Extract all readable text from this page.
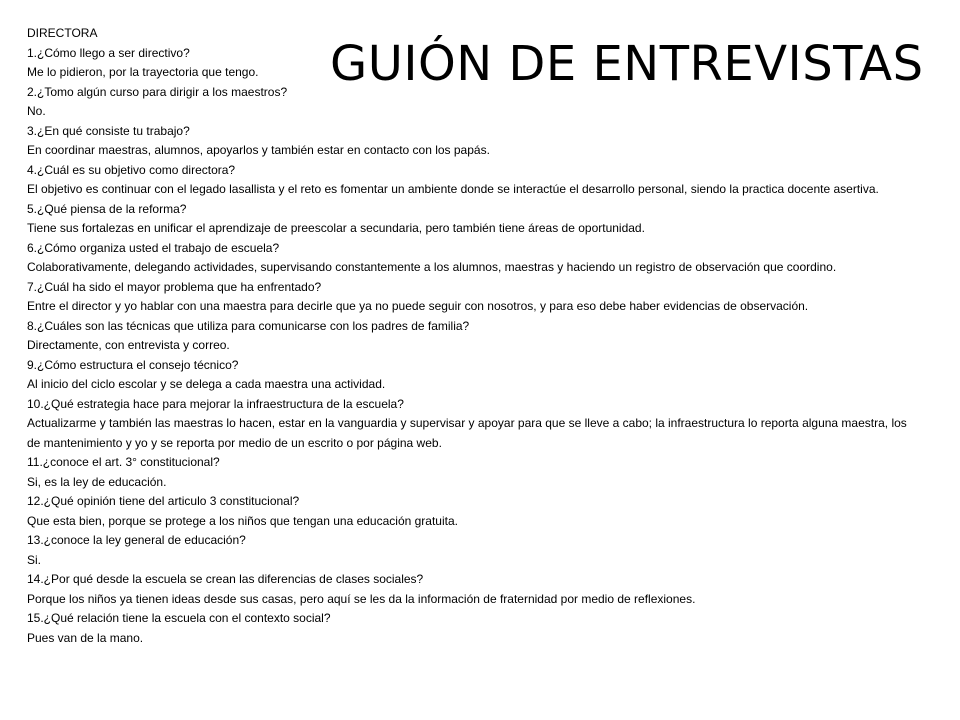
GUIÓN DE ENTREVISTAS
DIRECTORA
1.¿Cómo llego a ser directivo?
Me lo pidieron, por la trayectoria que tengo.
2.¿Tomo algún curso para dirigir a los maestros?
No.
3.¿En qué consiste tu trabajo?
En coordinar maestras, alumnos, apoyarlos y también estar en contacto con los papás.
4.¿Cuál es su objetivo como directora?
El objetivo es continuar con el legado lasallista y el reto es fomentar un ambiente donde se interactúe el desarrollo personal, siendo la practica docente asertiva.
5.¿Qué piensa de la reforma?
Tiene sus fortalezas en unificar el aprendizaje de preescolar a secundaria, pero también tiene áreas de oportunidad.
6.¿Cómo organiza usted el trabajo de escuela?
Colaborativamente, delegando actividades, supervisando constantemente a los alumnos, maestras y haciendo un registro de observación que coordino.
7.¿Cuál ha sido el mayor problema que ha enfrentado?
Entre el director y yo hablar con una maestra para decirle que ya no puede seguir con nosotros, y para eso debe haber evidencias de observación.
8.¿Cuáles son las técnicas que utiliza para comunicarse con los padres de familia?
Directamente, con entrevista y correo.
9.¿Cómo estructura el consejo técnico?
Al inicio del ciclo escolar y se delega a cada maestra una actividad.
10.¿Qué estrategia hace para mejorar la infraestructura de la escuela?
Actualizarme y también las maestras lo hacen, estar en la vanguardia y supervisar y apoyar para que se lleve a cabo; la infraestructura lo reporta alguna maestra, los de mantenimiento y yo y se reporta por medio de un escrito o por página web.
11.¿conoce el art. 3° constitucional?
Si, es la ley de educación.
12.¿Qué opinión tiene del articulo 3 constitucional?
Que esta bien, porque se protege a los niños que tengan una educación gratuita.
13.¿conoce la ley general de educación?
Si.
14.¿Por qué desde la escuela se crean las diferencias de clases sociales?
Porque los niños ya tienen ideas desde sus casas, pero aquí se les da la información de fraternidad por medio de reflexiones.
15.¿Qué relación tiene la escuela con el contexto social?
Pues van de la mano.
